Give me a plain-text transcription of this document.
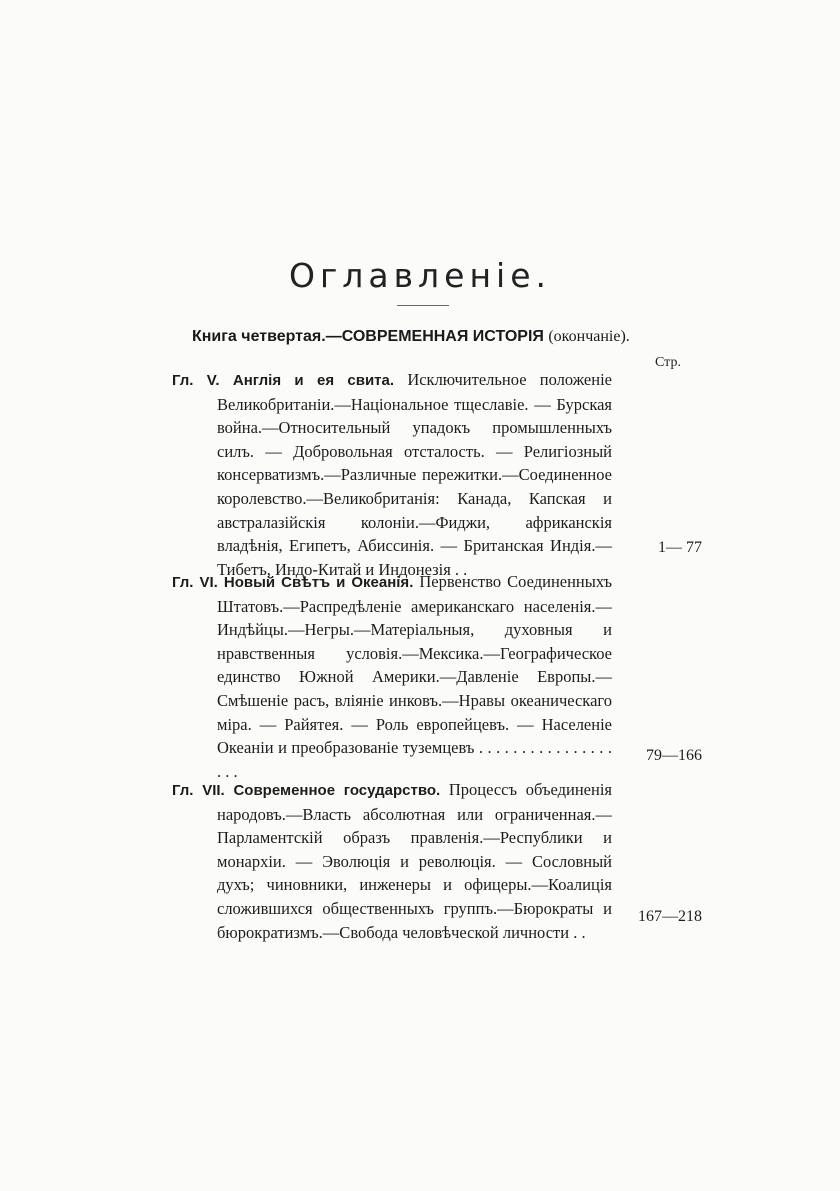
Оглавленіе.
Книга четвертая.—СОВРЕМЕННАЯ ИСТОРІЯ (окончаніе).
Стр.
Гл. V. Англія и ея свита. Исключительное положеніе Великобританіи.—Національное тщеславіе. — Бурская война.—Относительный упадокъ промышленныхъ силъ. — Добровольная отсталость. — Религіозный консерватизмъ.—Различные пережитки.—Соединенное королевство.—Великобританія: Канада, Капская и австралазійскія колоніи.—Фиджи, африканскія владѣнія, Египетъ, Абиссинія. — Британская Индія.—Тибетъ, Индо-Китай и Индонезія . .
1— 77
Гл. VI. Новый Свѣтъ и Океанія. Первенство Соединенныхъ Штатовъ.—Распредѣленіе американскаго населенія.—Индѣйцы.—Негры.—Матеріальныя, духовныя и нравственныя условія.—Мексика.—Географическое единство Южной Америки.—Давленіе Европы.—Смѣшеніе расъ, вліяніе инковъ.—Нравы океаническаго міра. — Райятея. — Роль европейцевъ. — Населеніе Океаніи и преобразованіе туземцевъ . . . . . . . . . . . . . . . . . . .
79—166
Гл. VII. Современное государство. Процессъ объединенія народовъ.—Власть абсолютная или ограниченная.—Парламентскій образъ правленія.—Республики и монархіи. — Эволюція и революція. — Сословный духъ; чиновники, инженеры и офицеры.—Коалиція сложившихся общественныхъ группъ.—Бюрократы и бюрократизмъ.—Свобода человѣческой личности . .
167—218
